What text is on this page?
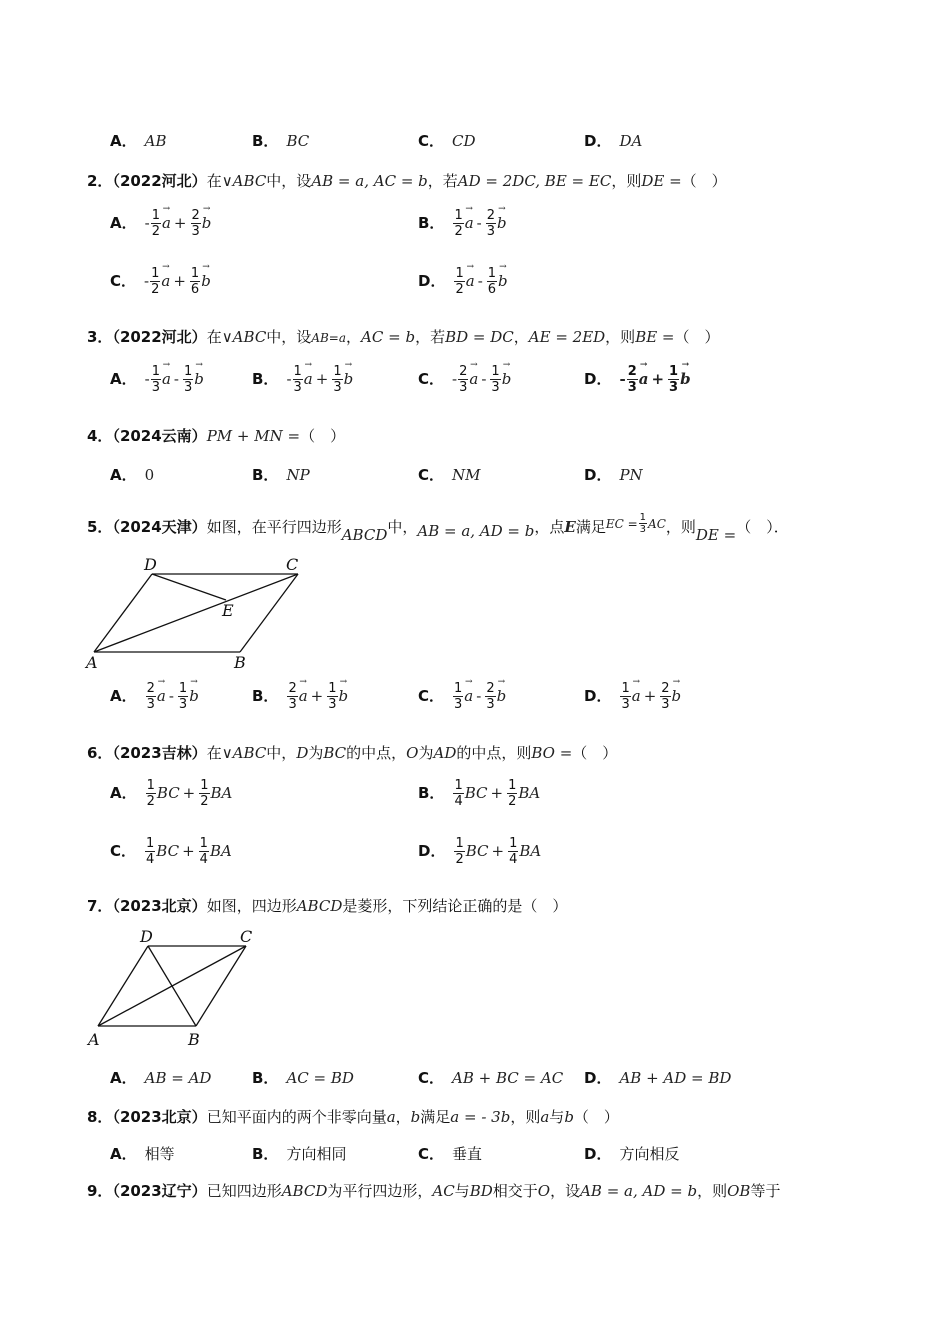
A． AB	B． BC	C． CD	D． DA
2．（2022河北）在∨ABC中，设AB = a, AC = b，若AD = 2DC, BE = EC，则DE =（　）
A． - $\frac{1}{2}$
→ $a + \frac{2}{3}$
→ b	B． $\frac{1}{2}$
→ a - $\frac{2}{3}$
→ b
C． - $\frac{1}{2}$
→ $a + \frac{1}{6}$
→ b	D． $\frac{1}{2}$
→ a - $\frac{1}{6}$
→ b
3．（2022河北）在∨ABC中，设AB=a，AC = b，若BD = DC，AE = 2ED，则BE =（　）
A． - $\frac{1}{3}$
→ a - $\frac{1}{3}$
→ b	B． - $\frac{1}{3}$
→ $a + \frac{1}{3}$
→ b	C． - $\frac{2}{3}$
→ a - $\frac{1}{3}$
→ b	D． - $\frac{2}{3}$
→ $a + \frac{1}{3}$
→ b
4．（2024云南）PM + MN =（　）
A． 0	B． NP	C． NM	D． PN
5．（2024天津）如图，在平行四边形ABCD中，AB = a, AD = b，点E满足$^{EC =} \frac{1}{3} ^{AC}$，则DE =（　）．
A	B
C
D
E
A． $\frac{2}{3}$
→ a - $\frac{1}{3}$
→ b	B． $\frac{2}{3}$
→ $a + \frac{1}{3}$
→ b	C． $\frac{1}{3}$
→ a - $\frac{2}{3}$
→ b	D． $\frac{1}{3}$
→ $a + \frac{2}{3}$
→ b
6．（2023吉林）在∨ABC中，D为BC的中点，O为AD的中点，则BO =（　）
A． $\frac{1}{2}$ BC + $\frac{1}{2}$ BA	B． $\frac{1}{4}$ BC + $\frac{1}{2}$ BA
C． $\frac{1}{4}$ BC + $\frac{1}{4}$ BA	D． $\frac{1}{2}$ BC + $\frac{1}{4}$ BA
7．（2023北京）如图，四边形ABCD是菱形，下列结论正确的是（　）
A	B
C
D
A． AB = AD	B． AC = BD	C． AB + BC = AC D． AB + AD = BD
8．（2023北京）已知平面内的两个非零向量a，b满足a = - 3b，则a与b（　）
A． 相等	B． 方向相同	C． 垂直	D． 方向相反
9．（2023辽宁）已知四边形ABCD为平行四边形，AC与BD相交于O，设AB = a, AD = b，则OB等于
